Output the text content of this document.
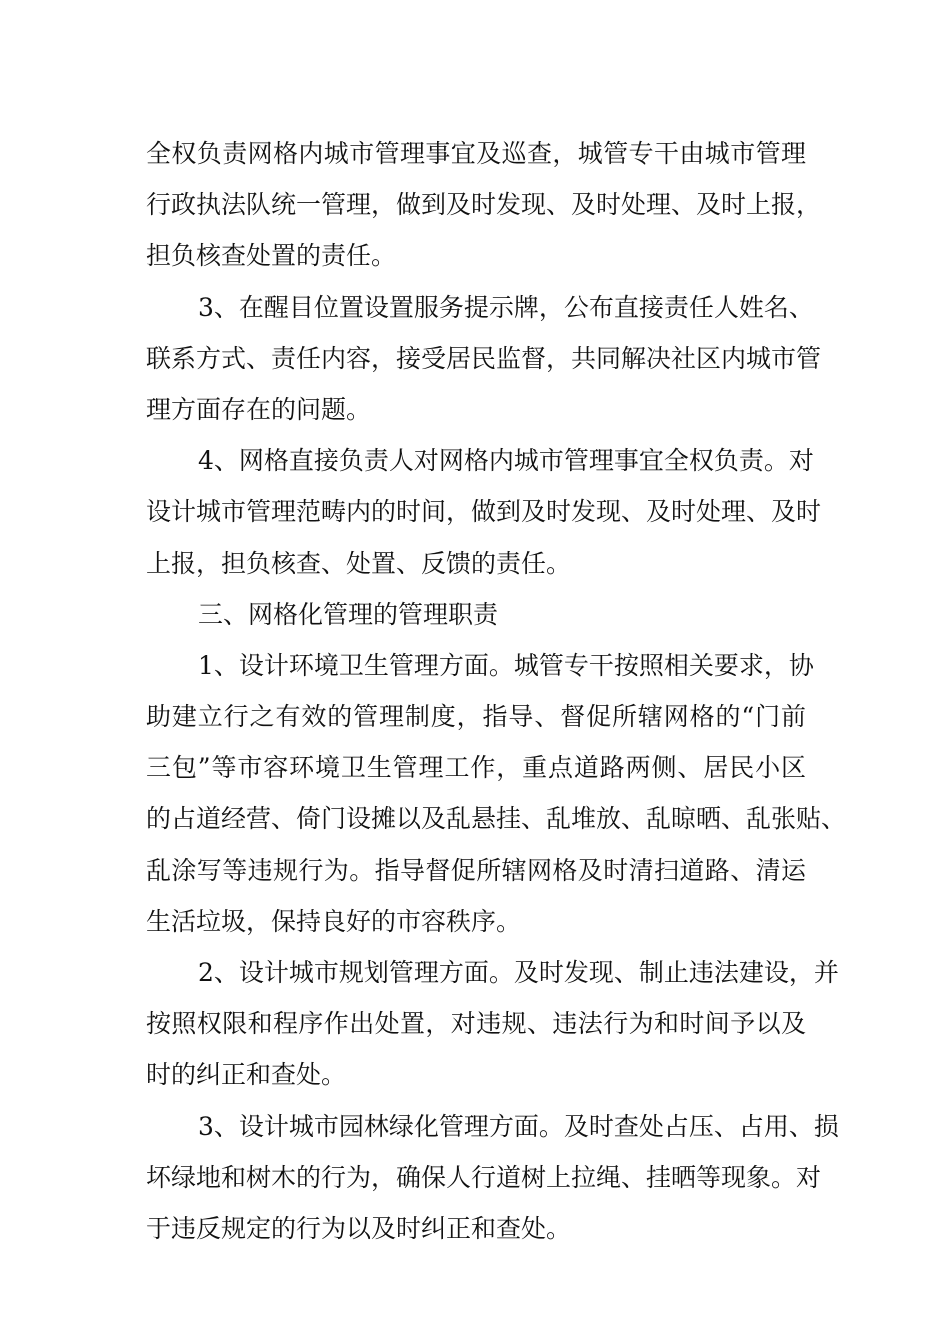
全权负责网格内城市管理事宜及巡查，城管专干由城市管理
行政执法队统一管理，做到及时发现、及时处理、及时上报，
担负核查处置的责任。
3、在醒目位置设置服务提示牌，公布直接责任人姓名、
联系方式、责任内容，接受居民监督，共同解决社区内城市管
理方面存在的问题。
4、网格直接负责人对网格内城市管理事宜全权负责。对
设计城市管理范畴内的时间，做到及时发现、及时处理、及时
上报，担负核查、处置、反馈的责任。
三、网格化管理的管理职责
1、设计环境卫生管理方面。城管专干按照相关要求，协
助建立行之有效的管理制度，指导、督促所辖网格的“门前
三包”等市容环境卫生管理工作，重点道路两侧、居民小区
的占道经营、倚门设摊以及乱悬挂、乱堆放、乱晾晒、乱张贴、
乱涂写等违规行为。指导督促所辖网格及时清扫道路、清运
生活垃圾，保持良好的市容秩序。
2、设计城市规划管理方面。及时发现、制止违法建设，并
按照权限和程序作出处置，对违规、违法行为和时间予以及
时的纠正和查处。
3、设计城市园林绿化管理方面。及时查处占压、占用、损
坏绿地和树木的行为，确保人行道树上拉绳、挂晒等现象。对
于违反规定的行为以及时纠正和查处。
